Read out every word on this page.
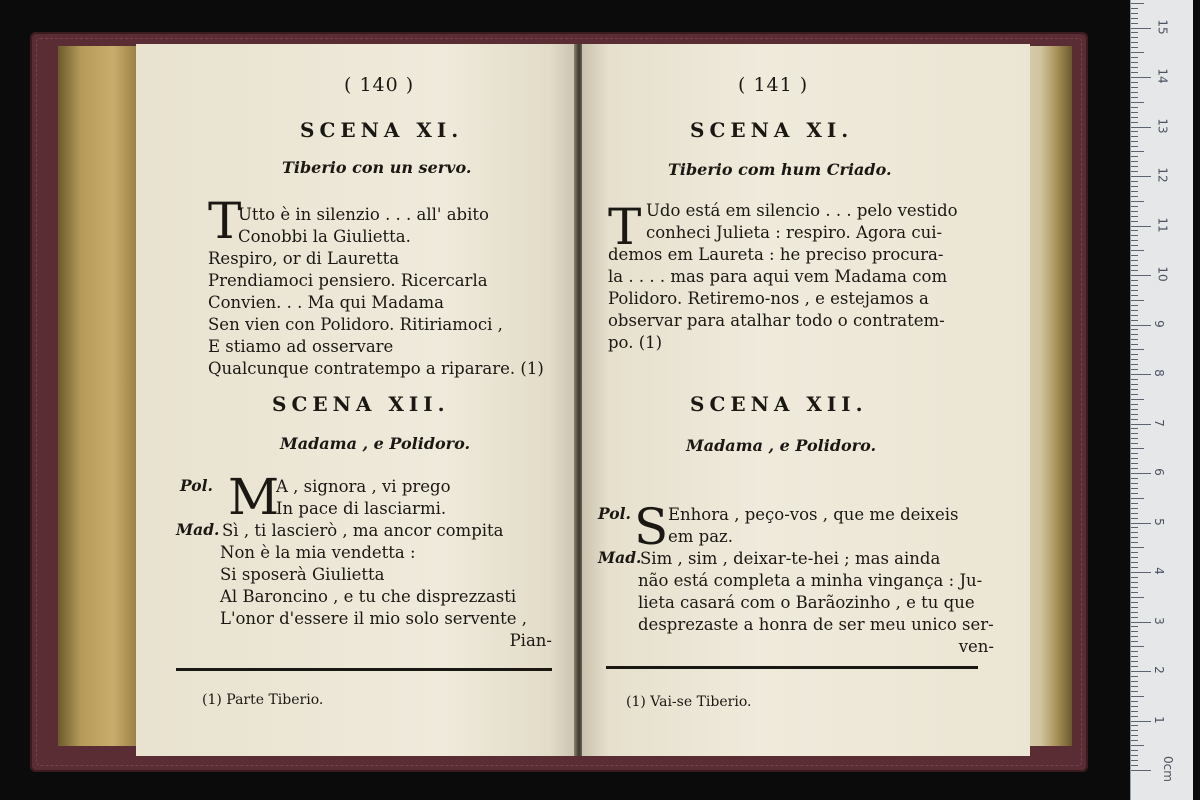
( 140 )
SCENA XI.
Tiberio con un servo.
T
Utto è in silenzio . . . all' abito
Conobbi la Giulietta.
Respiro, or di Lauretta
Prendiamoci pensiero. Ricercarla
Convien. . . Ma qui Madama
Sen vien con Polidoro. Ritiriamoci ,
E stiamo ad osservare
Qualcunque contratempo a riparare. (1)
SCENA XII.
Madama , e Polidoro.
Pol. M
Mad.
A , signora , vi prego
In pace di lasciarmi.
Sì , ti lascierò , ma ancor compita
Non è la mia vendetta :
Si sposerà Giulietta
Al Baroncino , e tu che disprezzasti
L'onor d'essere il mio solo servente ,
Pian-
(1) Parte Tiberio.
( 141 )
SCENA XI.
Tiberio com hum Criado.
T Udo está em silencio . . . pelo vestido
conheci Julieta : respiro. Agora cui-
demos em Laureta : he preciso procura-
la . . . . mas para aqui vem Madama com
Polidoro. Retiremo-nos , e estejamos a
observar para atalhar todo o contratem-
po. (1)
SCENA XII.
Madama , e Polidoro.
Pol. S
Mad.
Enhora , peço-vos , que me deixeis
em paz.
Sim , sim , deixar-te-hei ; mas ainda
não está completa a minha vingança : Ju-
lieta casará com o Barãozinho , e tu que
desprezaste a honra de ser meu unico ser-
ven-
(1) Vai-se Tiberio.
0cm
1
2
3
4
5
6
7
8
9
10
11
12
13
14
15
